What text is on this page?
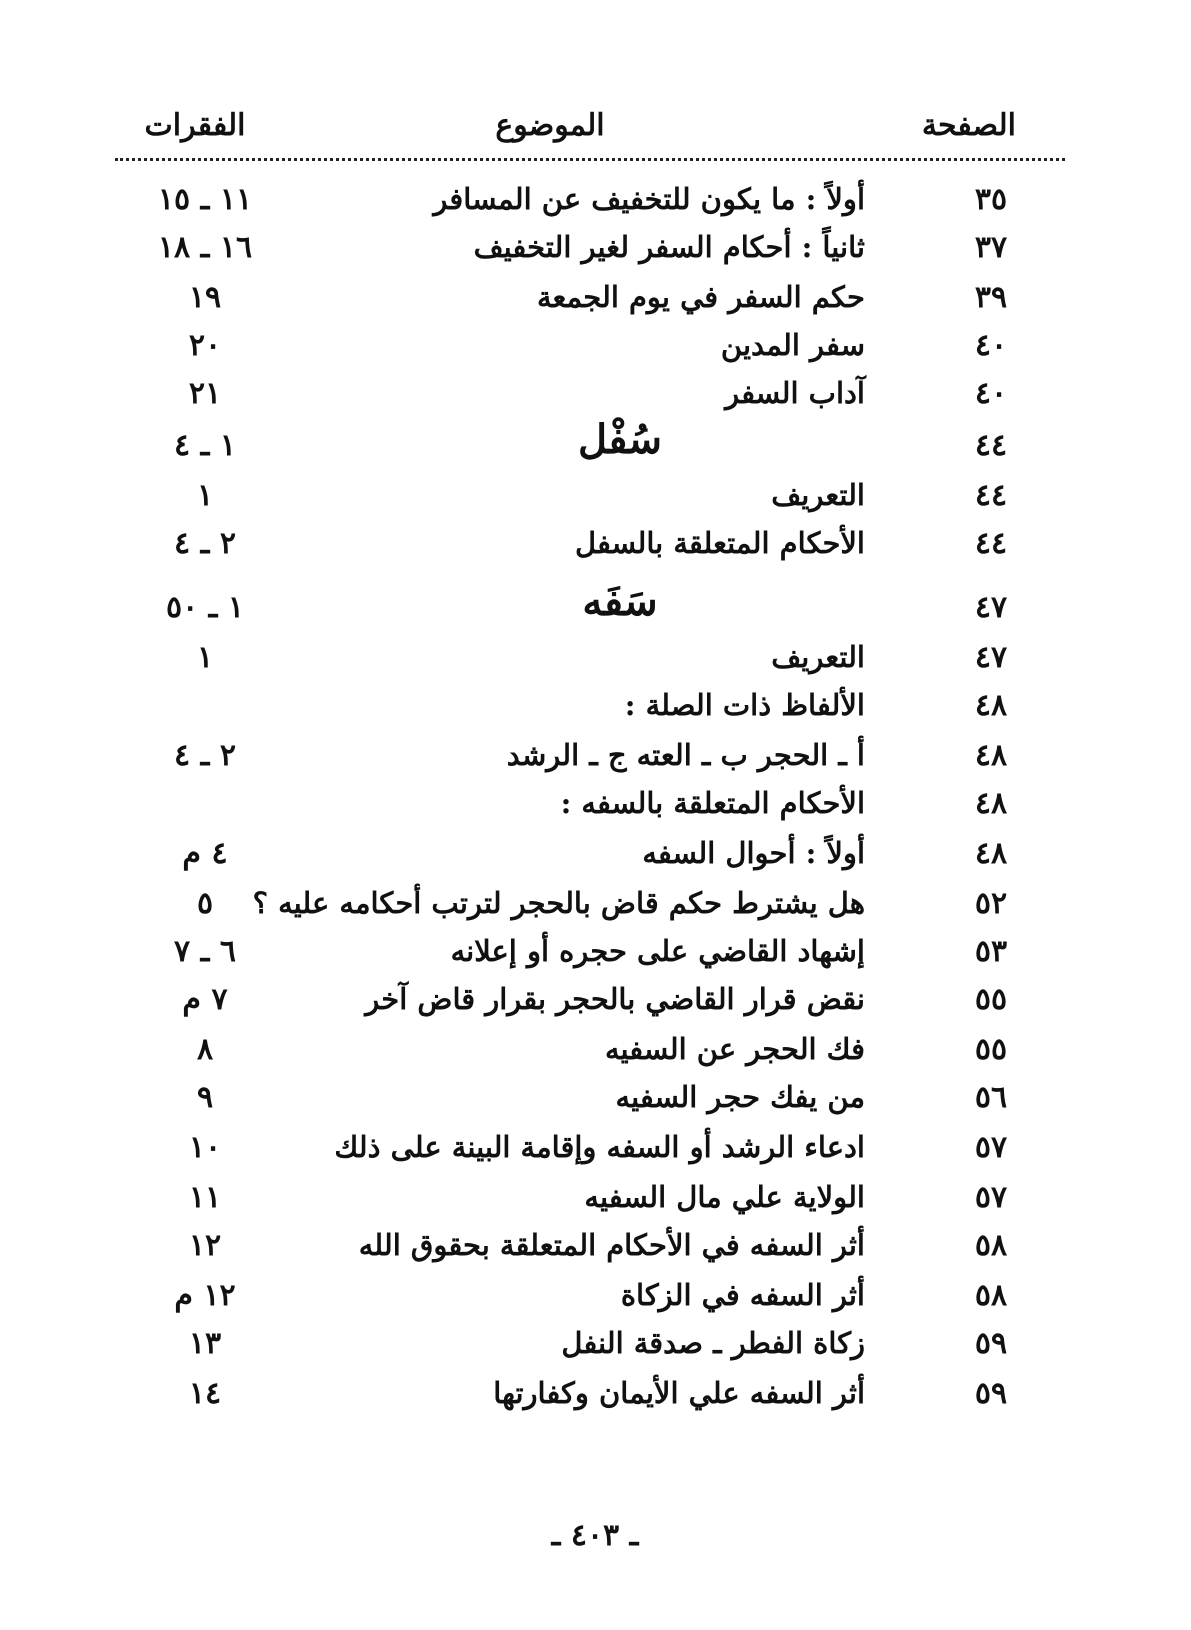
الصفحة
الموضوع
الفقرات
٣٥
أولاً : ما يكون للتخفيف عن المسافر
١١ ـ ١٥
٣٧
ثانياً : أحكام السفر لغير التخفيف
١٦ ـ ١٨
٣٩
حكم السفر في يوم الجمعة
١٩
٤٠
سفر المدين
٢٠
٤٠
آداب السفر
٢١
٤٤
سُفْل
١ ـ ٤
٤٤
التعريف
١
٤٤
الأحكام المتعلقة بالسفل
٢ ـ ٤
٤٧
سَفَه
١ ـ ٥٠
٤٧
التعريف
١
٤٨
الألفاظ ذات الصلة :
٤٨
أ ـ الحجر ب ـ العته ج ـ الرشد
٢ ـ ٤
٤٨
الأحكام المتعلقة بالسفه :
٤٨
أولاً : أحوال السفه
٤ م
٥٢
هل يشترط حكم قاض بالحجر لترتب أحكامه عليه ؟
٥
٥٣
إشهاد القاضي على حجره أو إعلانه
٦ ـ ٧
٥٥
نقض قرار القاضي بالحجر بقرار قاض آخر
٧ م
٥٥
فك الحجر عن السفيه
٨
٥٦
من يفك حجر السفيه
٩
٥٧
ادعاء الرشد أو السفه وإقامة البينة على ذلك
١٠
٥٧
الولاية علي مال السفيه
١١
٥٨
أثر السفه في الأحكام المتعلقة بحقوق الله
١٢
٥٨
أثر السفه في الزكاة
١٢ م
٥٩
زكاة الفطر ـ صدقة النفل
١٣
٥٩
أثر السفه علي الأيمان وكفارتها
١٤
ـ ٤٠٣ ـ
